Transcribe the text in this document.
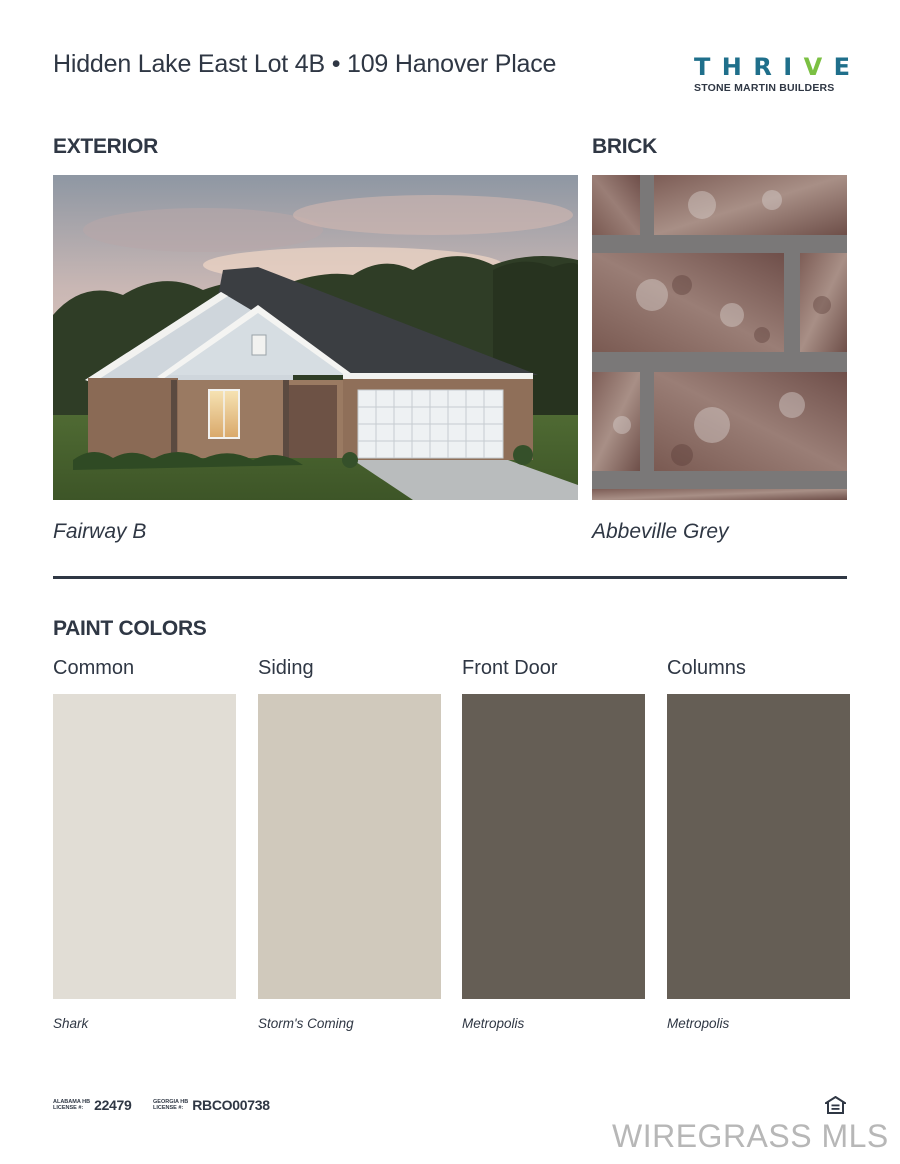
Hidden Lake East Lot 4B • 109 Hanover Place	T H R I V E
STONE MARTIN BUILDERS
EXTERIOR	BRICK
Fairway B	Abbeville Grey
PAINT COLORS
Common	Siding	Front Door	Columns
Shark	Storm's Coming	Metropolis	Metropolis
ALABAMA HB
LICENSE #: 22479	GEORGIA HB
LICENSE #: RBCO00738
WIREGRASS MLS
